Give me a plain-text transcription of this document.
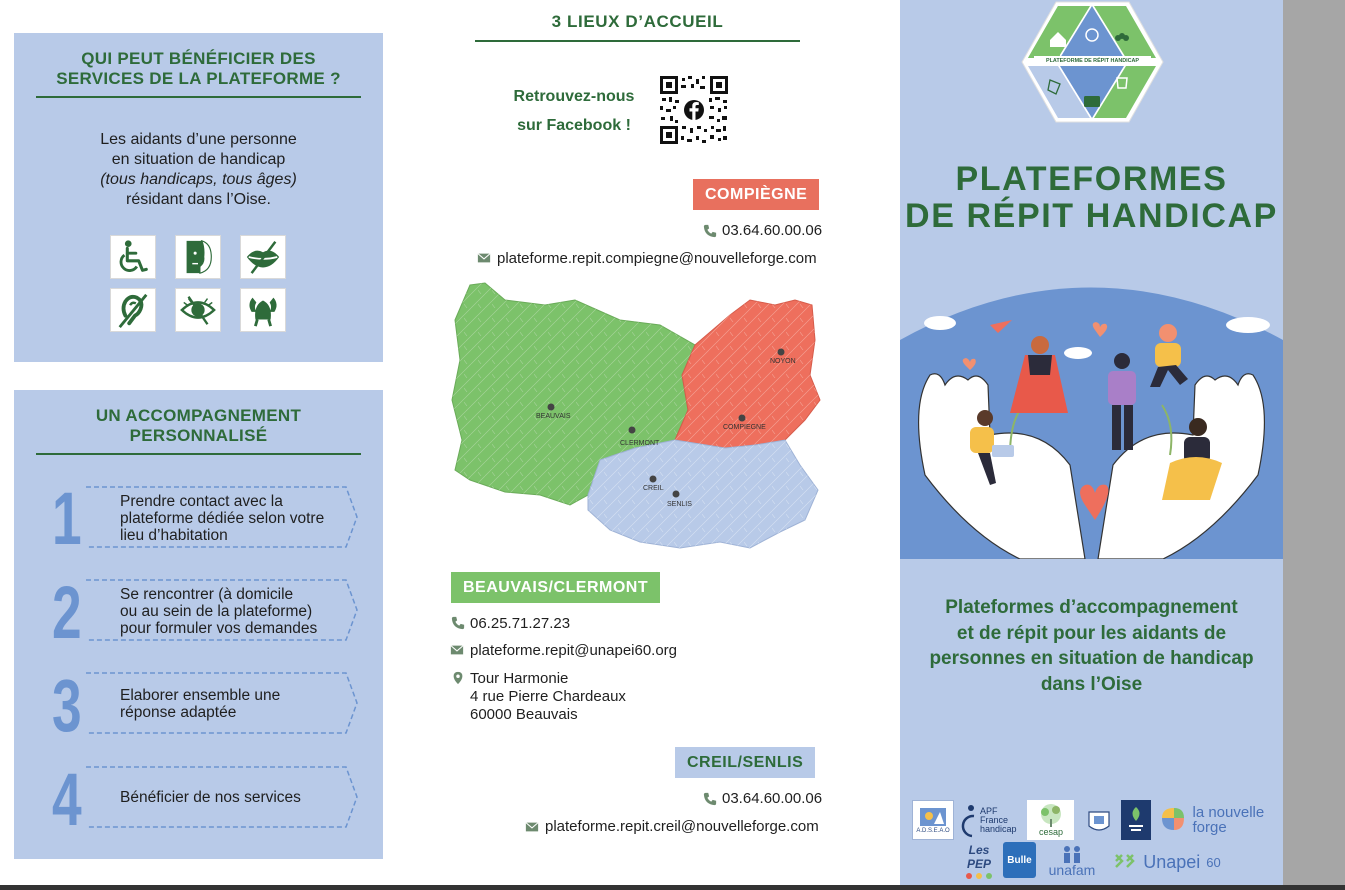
QUI PEUT BÉNÉFICIER DES
SERVICES DE LA PLATEFORME ?
Les aidants d’une personne
en situation de handicap
(tous handicaps, tous âges)
résidant dans l’Oise.
UN ACCOMPAGNEMENT
PERSONNALISÉ
1 Prendre contact avec la
plateforme dédiée selon votre
lieu d’habitation
2 Se rencontrer (à domicile
ou au sein de la plateforme)
pour formuler vos demandes
3 Elaborer ensemble une
réponse adaptée
4 Bénéficier de nos services
3 LIEUX D’ACCUEIL
Retrouvez-nous
sur Facebook !
COMPIÈGNE
03.64.60.00.06
plateforme.repit.compiegne@nouvelleforge.com
NOYON
BEAUVAIS
CLERMONT
COMPIEGNE
CREIL
SENLIS
BEAUVAIS/CLERMONT
06.25.71.27.23
plateforme.repit@unapei60.org
Tour Harmonie
4 rue Pierre Chardeaux
60000 Beauvais
CREIL/SENLIS
03.64.60.00.06
plateforme.repit.creil@nouvelleforge.com
PLATEFORME DE RÉPIT HANDICAP
PLATEFORMES
DE RÉPIT HANDICAP
Plateformes d’accompagnement
et de répit pour les aidants de
personnes en situation de handicap
dans l’Oise
A.D.S.E.A.O
APF France handicap	cesap
la nouvelle forge
Les PEP	Bulle
unafam	Unapei 60
